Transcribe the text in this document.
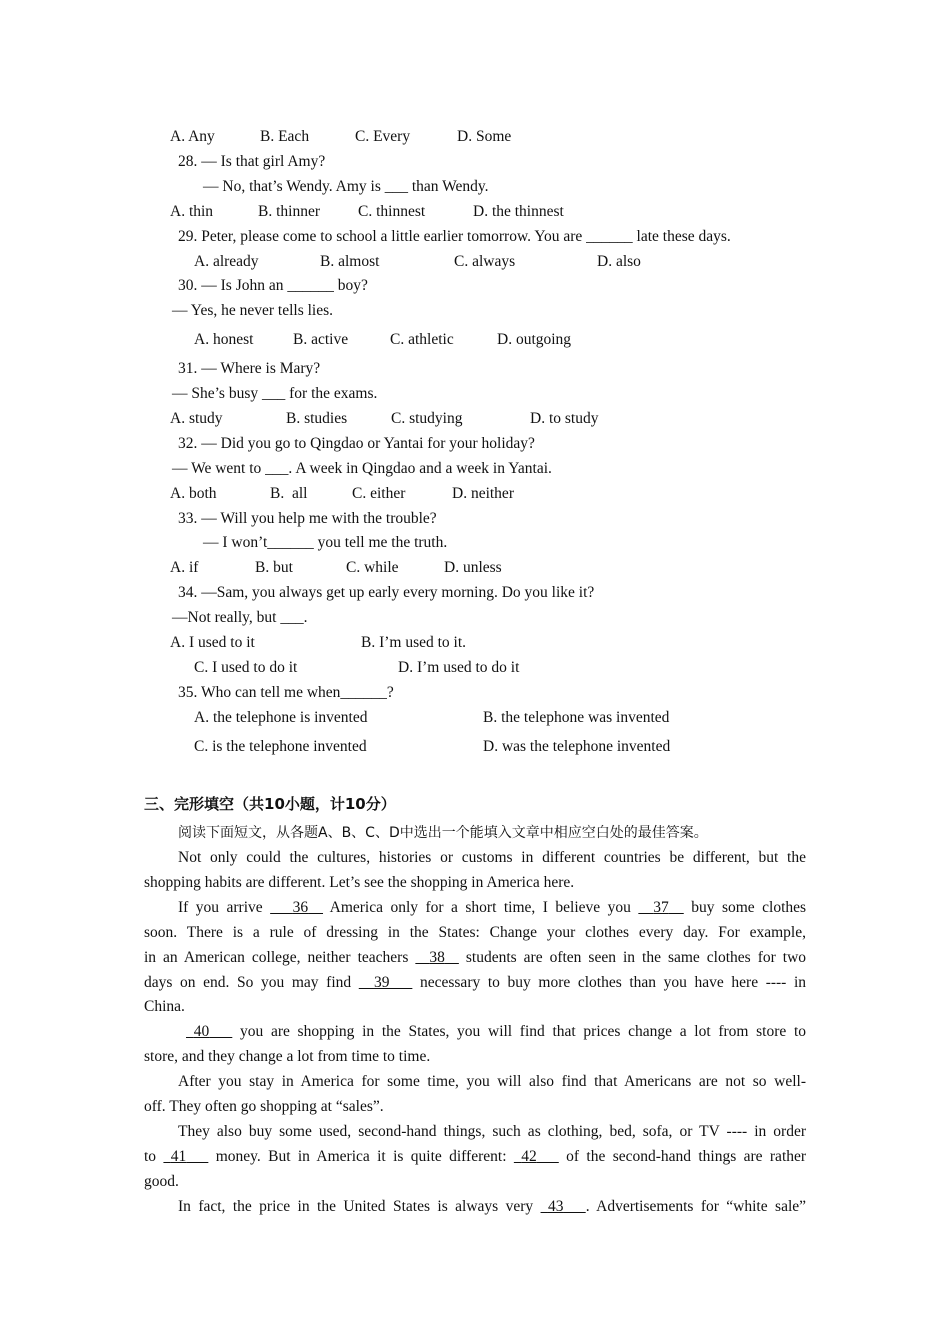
A. Any	B. Each	C. Every	D. Some
28. — Is that girl Amy?
— No, that’s Wendy. Amy is ___ than Wendy.
A. thin	B. thinner C. thinnest	D. the thinnest
29. Peter, please come to school a little earlier tomorrow. You are ______ late these days.
A. already	B. almost	C. always	D. also
30. — Is John an ______ boy?
— Yes, he never tells lies.
A. honest	B. active	C. athletic	D. outgoing
31. — Where is Mary?
— She’s busy ___ for the exams.
A. study	B. studies	C. studying	D. to study
32. — Did you go to Qingdao or Yantai for your holiday?
— We went to ___. A week in Qingdao and a week in Yantai.
A. both	B.  all	C. either	D. neither
33. — Will you help me with the trouble?
— I won’t______ you tell me the truth.
A. if	B. but	C. while	D. unless
34. —Sam, you always get up early every morning. Do you like it?
—Not really, but ___.
A. I used to it	B. I’m used to it.
C. I used to do it	D. I’m used to do it
35. Who can tell me when______?
A. the telephone is invented	B. the telephone was invented
C. is the telephone invented	D. was the telephone invented
三、完形填空（共10小题，计10分）
阅读下面短文，从各题A、B、C、D中选出一个能填入文章中相应空白处的最佳答案。
Not only could the cultures, histories or customs in different countries be different, but the
shopping habits are different. Let’s see the shopping in America here.
If you arrive    36   America only for a short time, I believe you   37   buy some clothes
soon. There is a rule of dressing in the States: Change your clothes every day. For example,
in an American college, neither teachers   38   students are often seen in the same clothes for two
days on end. So you may find   39    necessary to buy more clothes than you have here ---- in
China.
40    you are shopping in the States, you will find that prices change a lot from store to
store, and they change a lot from time to time.
After you stay in America for some time, you will also find that Americans are not so well-
off. They often go shopping at “sales”.
They also buy some used, second-hand things, such as clothing, bed, sofa, or TV ---- in order
to  41    money. But in America it is quite different:  42    of the second-hand things are rather
good.
In fact, the price in the United States is always very  43 . Advertisements for “white sale”
